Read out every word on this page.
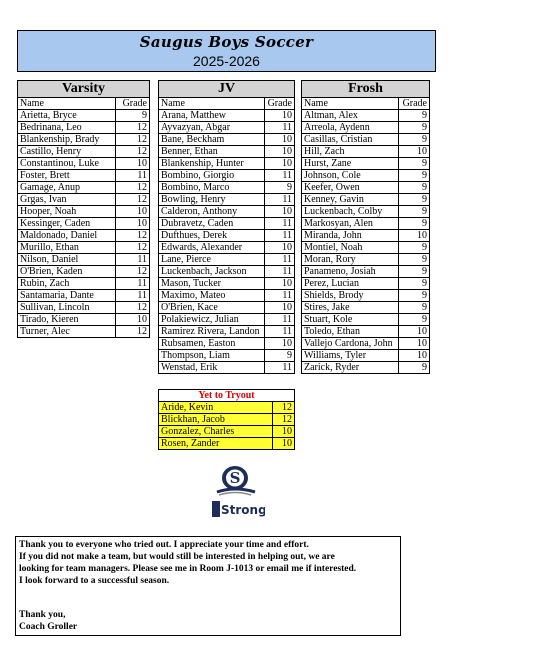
Saugus Boys Soccer
2025-2026
Varsity	
Name	Grade
Arietta, Bryce	9
Bedrinana, Leo	12
Blankenship, Brady	12
Castillo, Henry	12
Constantinou, Luke	10
Foster, Brett	11
Gamage, Anup	12
Grgas, Ivan	12
Hooper, Noah	10
Kessinger, Caden	10
Maldonado, Daniel	12
Murillo, Ethan	12
Nilson, Daniel	11
O'Brien, Kaden	12
Rubin, Zach	11
Santamaria, Dante	11
Sullivan, Lincoln	12
Tirado, Kieren	10
Turner, Alec	12

JV	
Name	Grade
Arana, Matthew	10
Ayvazyan, Abgar	11
Bane, Beckham	10
Benner, Ethan	10
Blankenship, Hunter	10
Bombino, Giorgio	11
Bombino, Marco	9
Bowling, Henry	11
Calderon, Anthony	10
Dubravetz, Caden	11
Dufthues, Derek	11
Edwards, Alexander	10
Lane, Pierce	11
Luckenbach, Jackson	11
Mason, Tucker	10
Maximo, Mateo	11
O'Brien, Kace	10
Polakiewicz, Julian	11
Ramirez Rivera, Landon	11
Rubsamen, Easton	10
Thompson, Liam	9
Wenstad, Erik	11
Frosh	
Name	Grade
Altman, Alex	9
Arreola, Aydenn	9
Casillas, Cristian	9
Hill, Zach	10
Hurst, Zane	9
Johnson, Cole	9
Keefer, Owen	9
Kenney, Gavin	9
Luckenbach, Colby	9
Markosyan, Alen	9
Miranda, John	10
Montiel, Noah	9
Moran, Rory	9
Panameno, Josiah	9
Perez, Lucian	9
Shields, Brody	9
Stires, Jake	9
Stuart, Kole	9
Toledo, Ethan	10
Vallejo Cardona, John	10
Williams, Tyler	10
Zarick, Ryder	9
Yet to Tryout	
Aride, Kevin	12
Blickhan, Jacob	12
Gonzalez, Charles	10
Rosen, Zander	10
S
Strong

Thank you to everyone who tried out. I appreciate your time and effort.

If you did not make a team, but would still be interested in helping out, we are

looking for team managers. Please see me in Room J-1013 or email me if interested.

I look forward to a successful season.

Thank you,

Coach Groller
